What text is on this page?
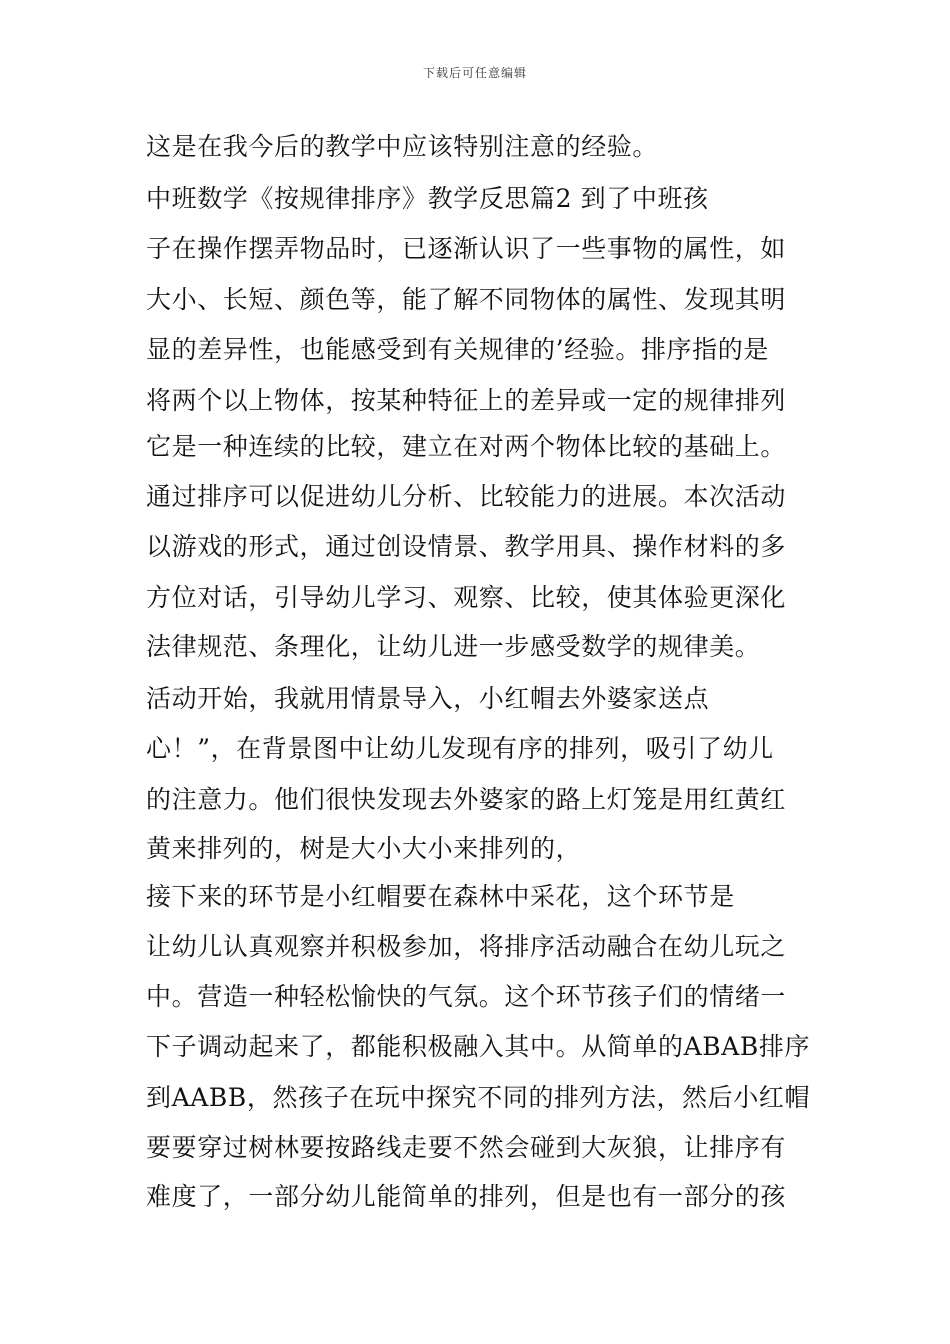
下载后可任意编辑
这是在我今后的教学中应该特别注意的经验。
中班数学《按规律排序》教学反思篇2 到了中班孩
子在操作摆弄物品时，已逐渐认识了一些事物的属性，如
大小、长短、颜色等，能了解不同物体的属性、发现其明
显的差异性，也能感受到有关规律的’经验。排序指的是
将两个以上物体，按某种特征上的差异或一定的规律排列
它是一种连续的比较，建立在对两个物体比较的基础上。
通过排序可以促进幼儿分析、比较能力的进展。本次活动
以游戏的形式，通过创设情景、教学用具、操作材料的多
方位对话，引导幼儿学习、观察、比较，使其体验更深化
法律规范、条理化，让幼儿进一步感受数学的规律美。
活动开始，我就用情景导入，小红帽去外婆家送点
心！”，在背景图中让幼儿发现有序的排列，吸引了幼儿
的注意力。他们很快发现去外婆家的路上灯笼是用红黄红
黄来排列的，树是大小大小来排列的，
接下来的环节是小红帽要在森林中采花，这个环节是
让幼儿认真观察并积极参加，将排序活动融合在幼儿玩之
中。营造一种轻松愉快的气氛。这个环节孩子们的情绪一
下子调动起来了，都能积极融入其中。从简单的ABAB排序
到AABB，然孩子在玩中探究不同的排列方法，然后小红帽
要要穿过树林要按路线走要不然会碰到大灰狼，让排序有
难度了，一部分幼儿能简单的排列，但是也有一部分的孩
